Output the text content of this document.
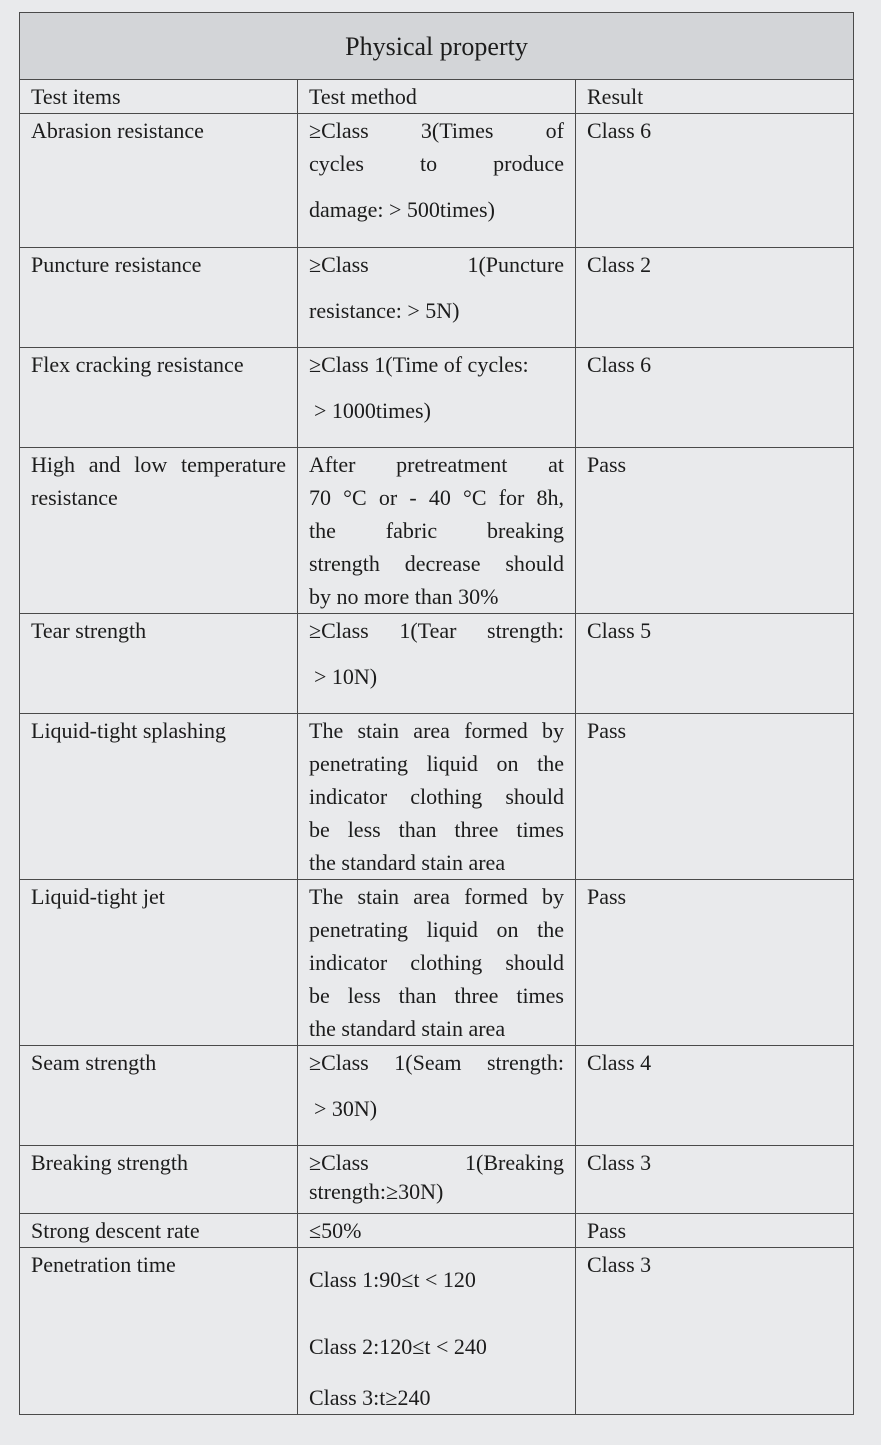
Physical property		
Test items	Test method	Result
Abrasion resistance	≥Class 3(Times of
cycles to produce
damage: > 500times)	Class 6
Puncture resistance	≥Class 1(Puncture
resistance: > 5N)	Class 2

Flex cracking resistance	≥Class 1(Time of cycles:
> 1000times)	Class 6

High and low temperature resistance	After pretreatment at
70 °C or - 40 °C for 8h,
the fabric breaking
strength decrease should
by no more than 30%	Pass
Tear strength	≥Class 1(Tear strength:
> 10N)	Class 5
Liquid-tight splashing	The stain area formed by
penetrating liquid on the
indicator clothing should
be less than three times
the standard stain area	Pass
Liquid-tight jet	The stain area formed by
penetrating liquid on the
indicator clothing should
be less than three times
the standard stain area	Pass
Seam strength	≥Class 1(Seam strength:
> 30N)	Class 4
Breaking strength	≥Class 1(Breaking
strength:≥30N)	Class 3
Strong descent rate	≤50%	Pass
Penetration time	Class 1:90≤t < 120
Class 2:120≤t < 240
Class 3:t≥240	Class 3
